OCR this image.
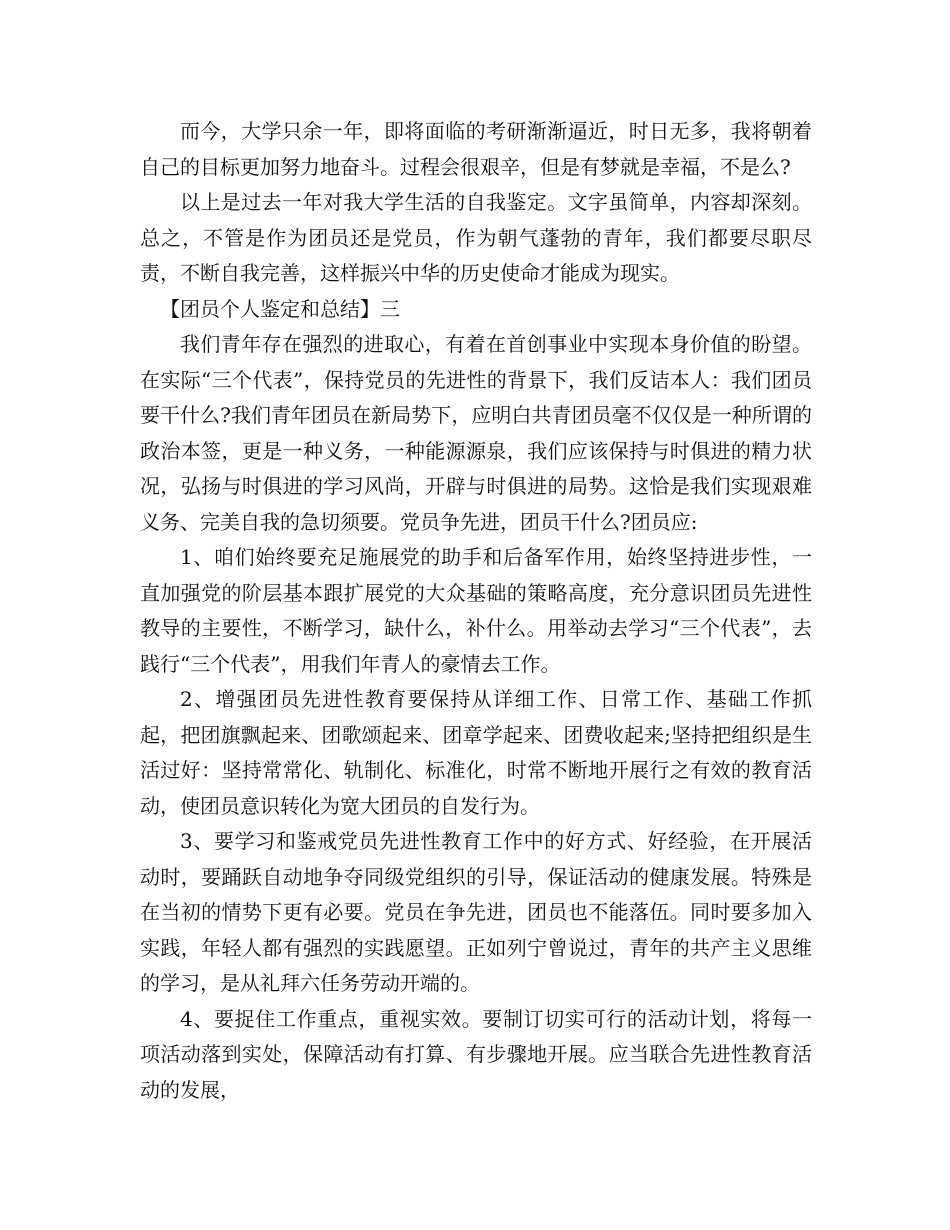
而今，大学只余一年，即将面临的考研渐渐逼近，时日无多，我将朝着自己的目标更加努力地奋斗。过程会很艰辛，但是有梦就是幸福，不是么?

以上是过去一年对我大学生活的自我鉴定。文字虽简单，内容却深刻。总之，不管是作为团员还是党员，作为朝气蓬勃的青年，我们都要尽职尽责，不断自我完善，这样振兴中华的历史使命才能成为现实。

【团员个人鉴定和总结】三

我们青年存在强烈的进取心，有着在首创事业中实现本身价值的盼望。在实际“三个代表”，保持党员的先进性的背景下，我们反诘本人：我们团员要干什么?我们青年团员在新局势下，应明白共青团员毫不仅仅是一种所谓的政治本签，更是一种义务，一种能源源泉，我们应该保持与时俱进的精力状况，弘扬与时俱进的学习风尚，开辟与时俱进的局势。这恰是我们实现艰难义务、完美自我的急切须要。党员争先进，团员干什么?团员应:

1、咱们始终要充足施展党的助手和后备军作用，始终坚持进步性，一直加强党的阶层基本跟扩展党的大众基础的策略高度，充分意识团员先进性教导的主要性，不断学习，缺什么，补什么。用举动去学习“三个代表”，去践行“三个代表”，用我们年青人的豪情去工作。

2、增强团员先进性教育要保持从详细工作、日常工作、基础工作抓起，把团旗飘起来、团歌颂起来、团章学起来、团费收起来;坚持把组织是生活过好：坚持常常化、轨制化、标准化，时常不断地开展行之有效的教育活动，使团员意识转化为宽大团员的自发行为。

3、要学习和鉴戒党员先进性教育工作中的好方式、好经验，在开展活动时，要踊跃自动地争夺同级党组织的引导，保证活动的健康发展。特殊是在当初的情势下更有必要。党员在争先进，团员也不能落伍。同时要多加入实践，年轻人都有强烈的实践愿望。正如列宁曾说过，青年的共产主义思维的学习，是从礼拜六任务劳动开端的。

4、要捉住工作重点，重视实效。要制订切实可行的活动计划，将每一项活动落到实处，保障活动有打算、有步骤地开展。应当联合先进性教育活动的发展，
